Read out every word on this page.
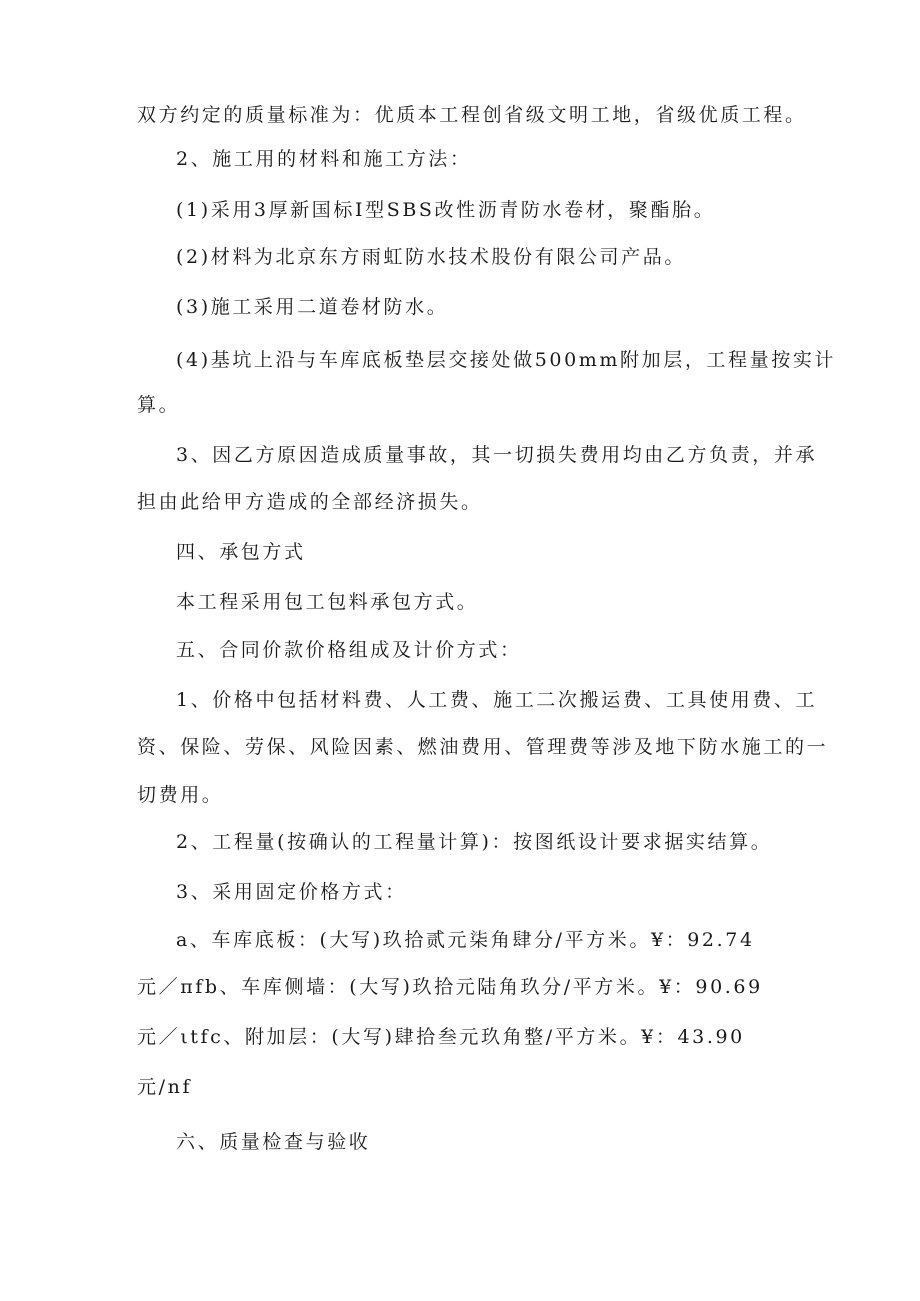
双方约定的质量标准为：优质本工程创省级文明工地，省级优质工程。

2、施工用的材料和施工方法：

(1)采用3厚新国标Ⅰ型SBS改性沥青防水卷材，聚酯胎。

(2)材料为北京东方雨虹防水技术股份有限公司产品。

(3)施工采用二道卷材防水。

(4)基坑上沿与车库底板垫层交接处做500mm附加层，工程量按实计

算。

3、因乙方原因造成质量事故，其一切损失费用均由乙方负责，并承

担由此给甲方造成的全部经济损失。

四、承包方式

本工程采用包工包料承包方式。

五、合同价款价格组成及计价方式：

1、价格中包括材料费、人工费、施工二次搬运费、工具使用费、工

资、保险、劳保、风险因素、燃油费用、管理费等涉及地下防水施工的一

切费用。

2、工程量(按确认的工程量计算)：按图纸设计要求据实结算。

3、采用固定价格方式：

a、车库底板：(大写)玖拾贰元柒角肆分/平方米。¥：92.74

元／πfb、车库侧墙：(大写)玖拾元陆角玖分/平方米。¥：90.69

元／ιtfc、附加层：(大写)肆拾叁元玖角整/平方米。¥：43.90

元/nf

六、质量检查与验收
